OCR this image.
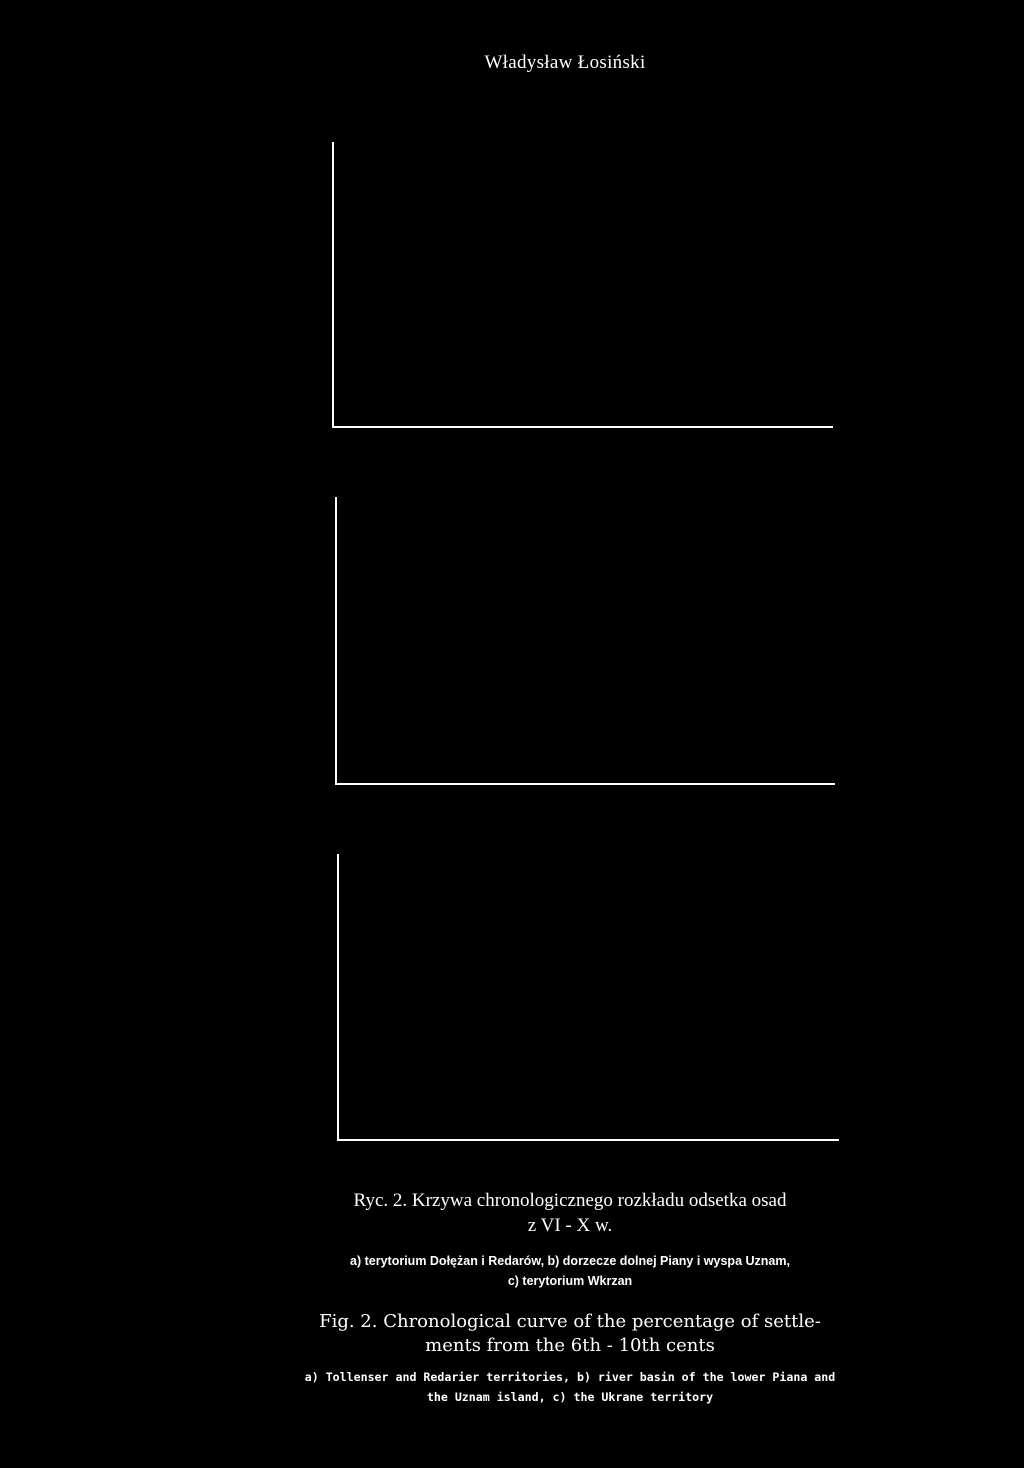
Władysław Łosiński
Ryc. 2. Krzywa chronologicznego rozkładu odsetka osad
z VI - X w.
a) terytorium Dołężan i Redarów, b) dorzecze dolnej Piany i wyspa Uznam,
c) terytorium Wkrzan
Fig. 2. Chronological curve of the percentage of settle-
ments from the 6th - 10th cents
a) Tollenser and Redarier territories, b) river basin of the lower Piana and
the Uznam island, c) the Ukrane territory
